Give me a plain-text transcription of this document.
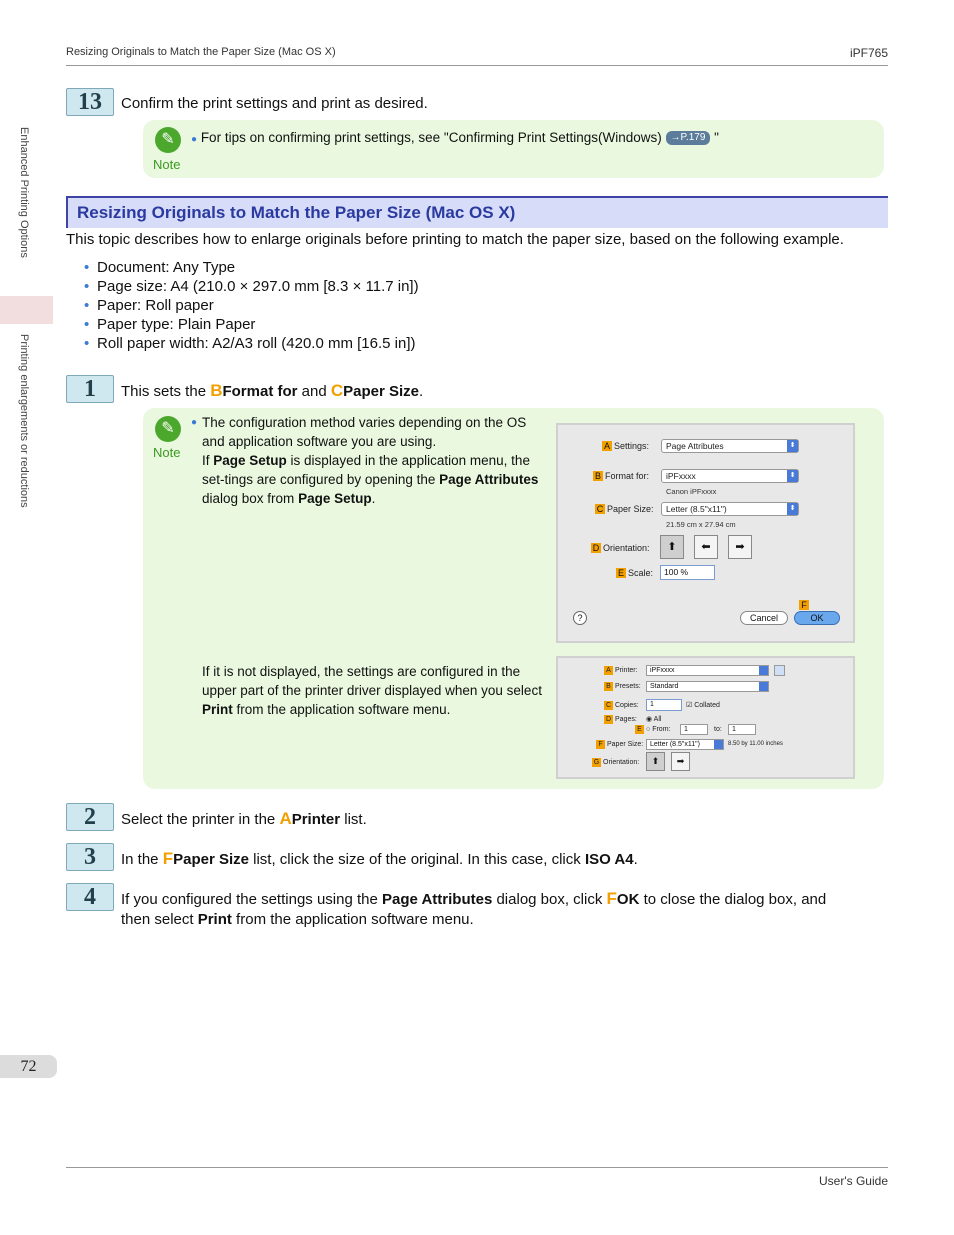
Resizing Originals to Match the Paper Size (Mac OS X)	iPF765
Enhanced Printing Options
Printing enlargements or reductions
13	Confirm the print settings and print as desired.
✎
Note
● For tips on confirming print settings, see "Confirming Print Settings(Windows) →P.179 "
Resizing Originals to Match the Paper Size (Mac OS X)
This topic describes how to enlarge originals before printing to match the paper size, based on the following example.
• Document: Any Type
• Page size: A4 (210.0 × 297.0 mm [8.3 × 11.7 in])
• Paper: Roll paper
• Paper type: Plain Paper
• Roll paper width: A2/A3 roll (420.0 mm [16.5 in])
1	This sets the BFormat for and CPaper Size.
✎
Note
● The configuration method varies depending on the OS and application software you are using.
If Page Setup is displayed in the application menu, the set-tings are configured by opening the Page Attributes dialog box from Page Setup.
If it is not displayed, the settings are configured in the upper part of the printer driver displayed when you select Print from the application software menu.
A Settings:	Page Attributes	⬍
B Format for:	iPFxxxx	⬍
Canon iPFxxxx
C Paper Size:	Letter (8.5"x11")	⬍
21.59 cm x 27.94 cm
D Orientation:	⬆	⬅	➡
E Scale:	100 %
F
?	Cancel	OK
A Printer:	iPFxxxx
B Presets:	Standard
C Copies:	1	☑ Collated
D Pages: ◉ All
E ○ From:	1	to:	1
F Paper Size: Letter (8.5"x11")	8.50 by 11.00 inches
G Orientation:	⬆	➡
2	Select the printer in the APrinter list.
3	In the FPaper Size list, click the size of the original. In this case, click ISO A4.
4	If you configured the settings using the Page Attributes dialog box, click FOK to close the dialog box, and
then select Print from the application software menu.
72
User's Guide
